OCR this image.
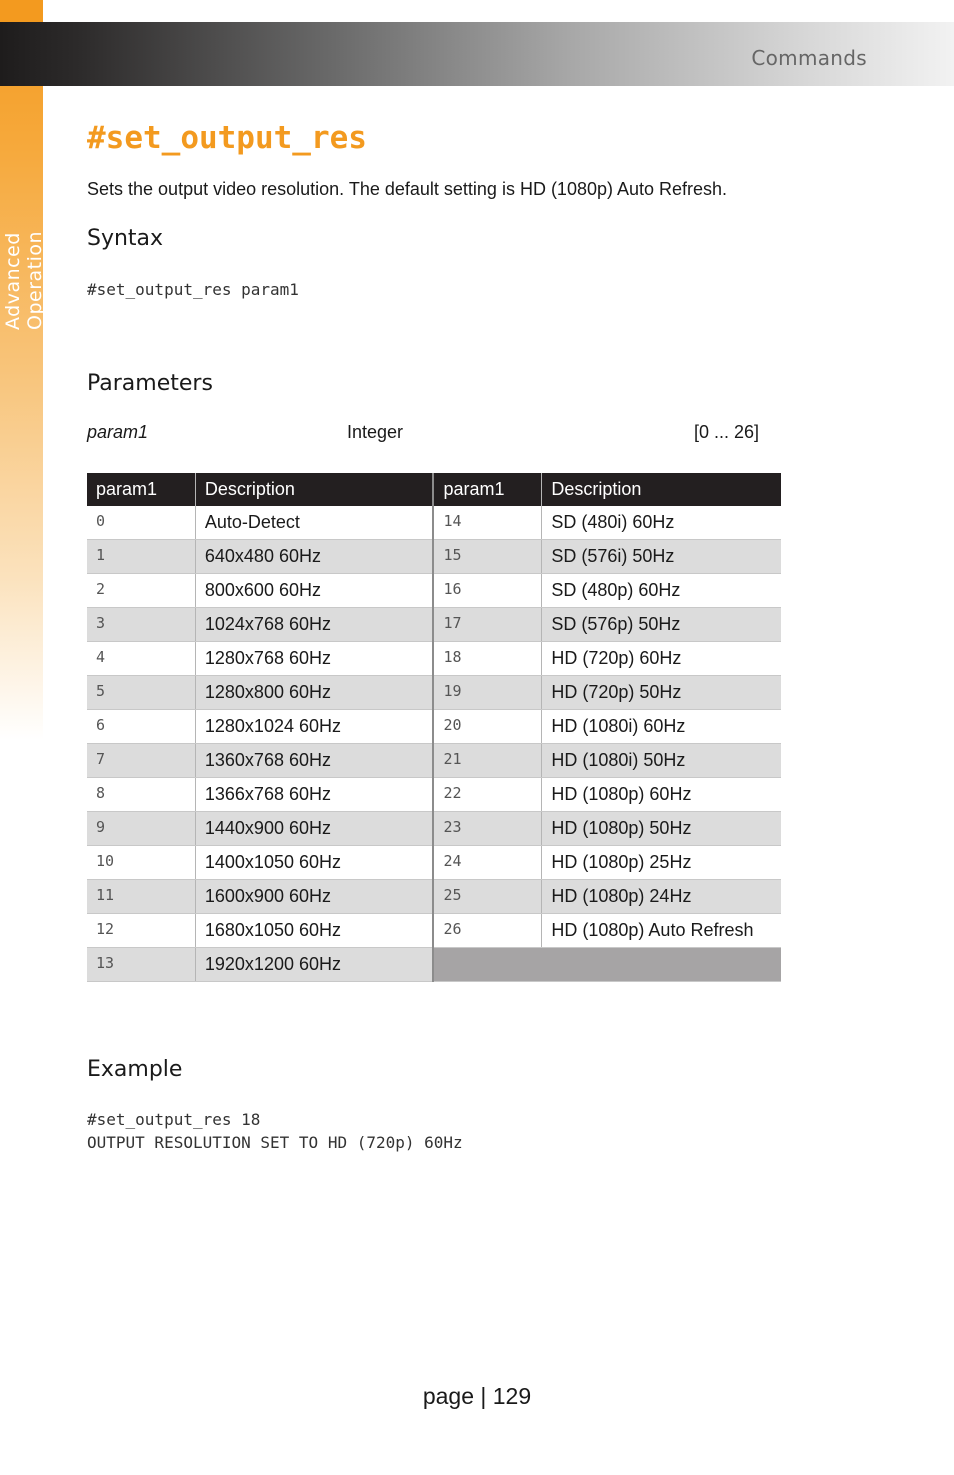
Advanced Operation
Commands
#set_output_res

Sets the output video resolution. The default setting is HD (1080p) Auto Refresh.

Syntax
#set_output_res param1
Parameters
param1	Integer	[0 ... 26]
param1	Description	param1	Description
0	Auto-Detect	14	SD (480i) 60Hz
1	640x480 60Hz	15	SD (576i) 50Hz
2	800x600 60Hz	16	SD (480p) 60Hz
3	1024x768 60Hz	17	SD (576p) 50Hz
4	1280x768 60Hz	18	HD (720p) 60Hz
5	1280x800 60Hz	19	HD (720p) 50Hz
6	1280x1024 60Hz	20	HD (1080i) 60Hz
7	1360x768 60Hz	21	HD (1080i) 50Hz
8	1366x768 60Hz	22	HD (1080p) 60Hz
9	1440x900 60Hz	23	HD (1080p) 50Hz
10	1400x1050 60Hz	24	HD (1080p) 25Hz
11	1600x900 60Hz	25	HD (1080p) 24Hz
12	1680x1050 60Hz	26	HD (1080p) Auto Refresh
13	1920x1200 60Hz		
Example
#set_output_res 18
OUTPUT RESOLUTION SET TO HD (720p) 60Hz
page | 129
